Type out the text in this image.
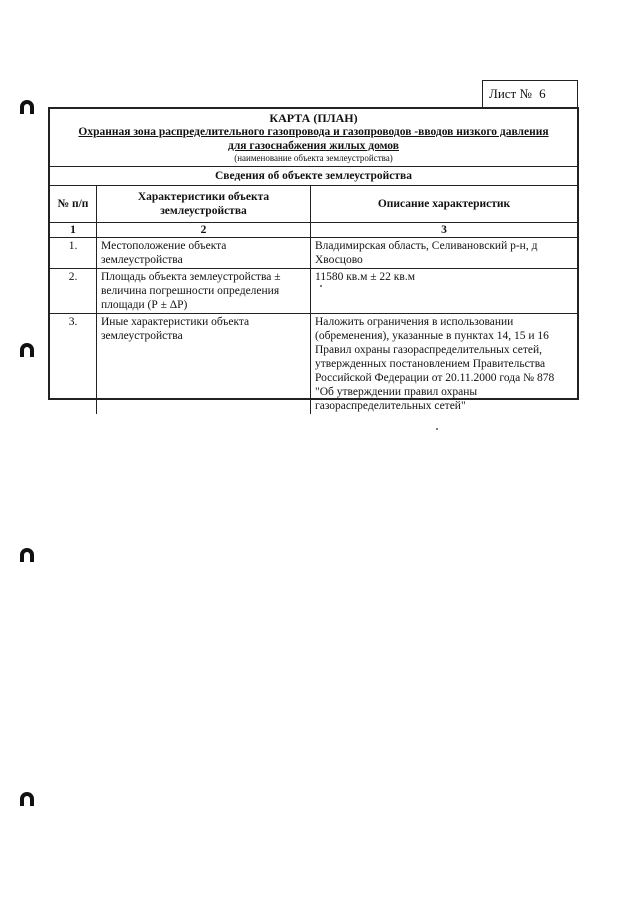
Лист № 6
КАРТА (ПЛАН)
Охранная зона распределительного газопровода и газопроводов -вводов низкого давления
для газоснабжения жилых домов
(наименование объекта землеустройства)
Сведения об объекте землеустройства
№ п/п	Характеристики объекта землеустройства	Описание характеристик
1	2	3
1.	Местоположение объекта землеустройства	Владимирская область, Селивановский р-н, д Хвосцово
2.	Площадь объекта землеустройства ± величина погрешности определения площади (Р ± ΔР)	11580 кв.м ± 22 кв.м
3.	Иные характеристики объекта землеустройства	Наложить ограничения в использовании (обременения), указанные в пунктах 14, 15 и 16 Правил охраны газораспределительных сетей, утвержденных постановлением Правительства Российской Федерации от 20.11.2000 года № 878 "Об утверждении правил охраны газораспределительных сетей"
